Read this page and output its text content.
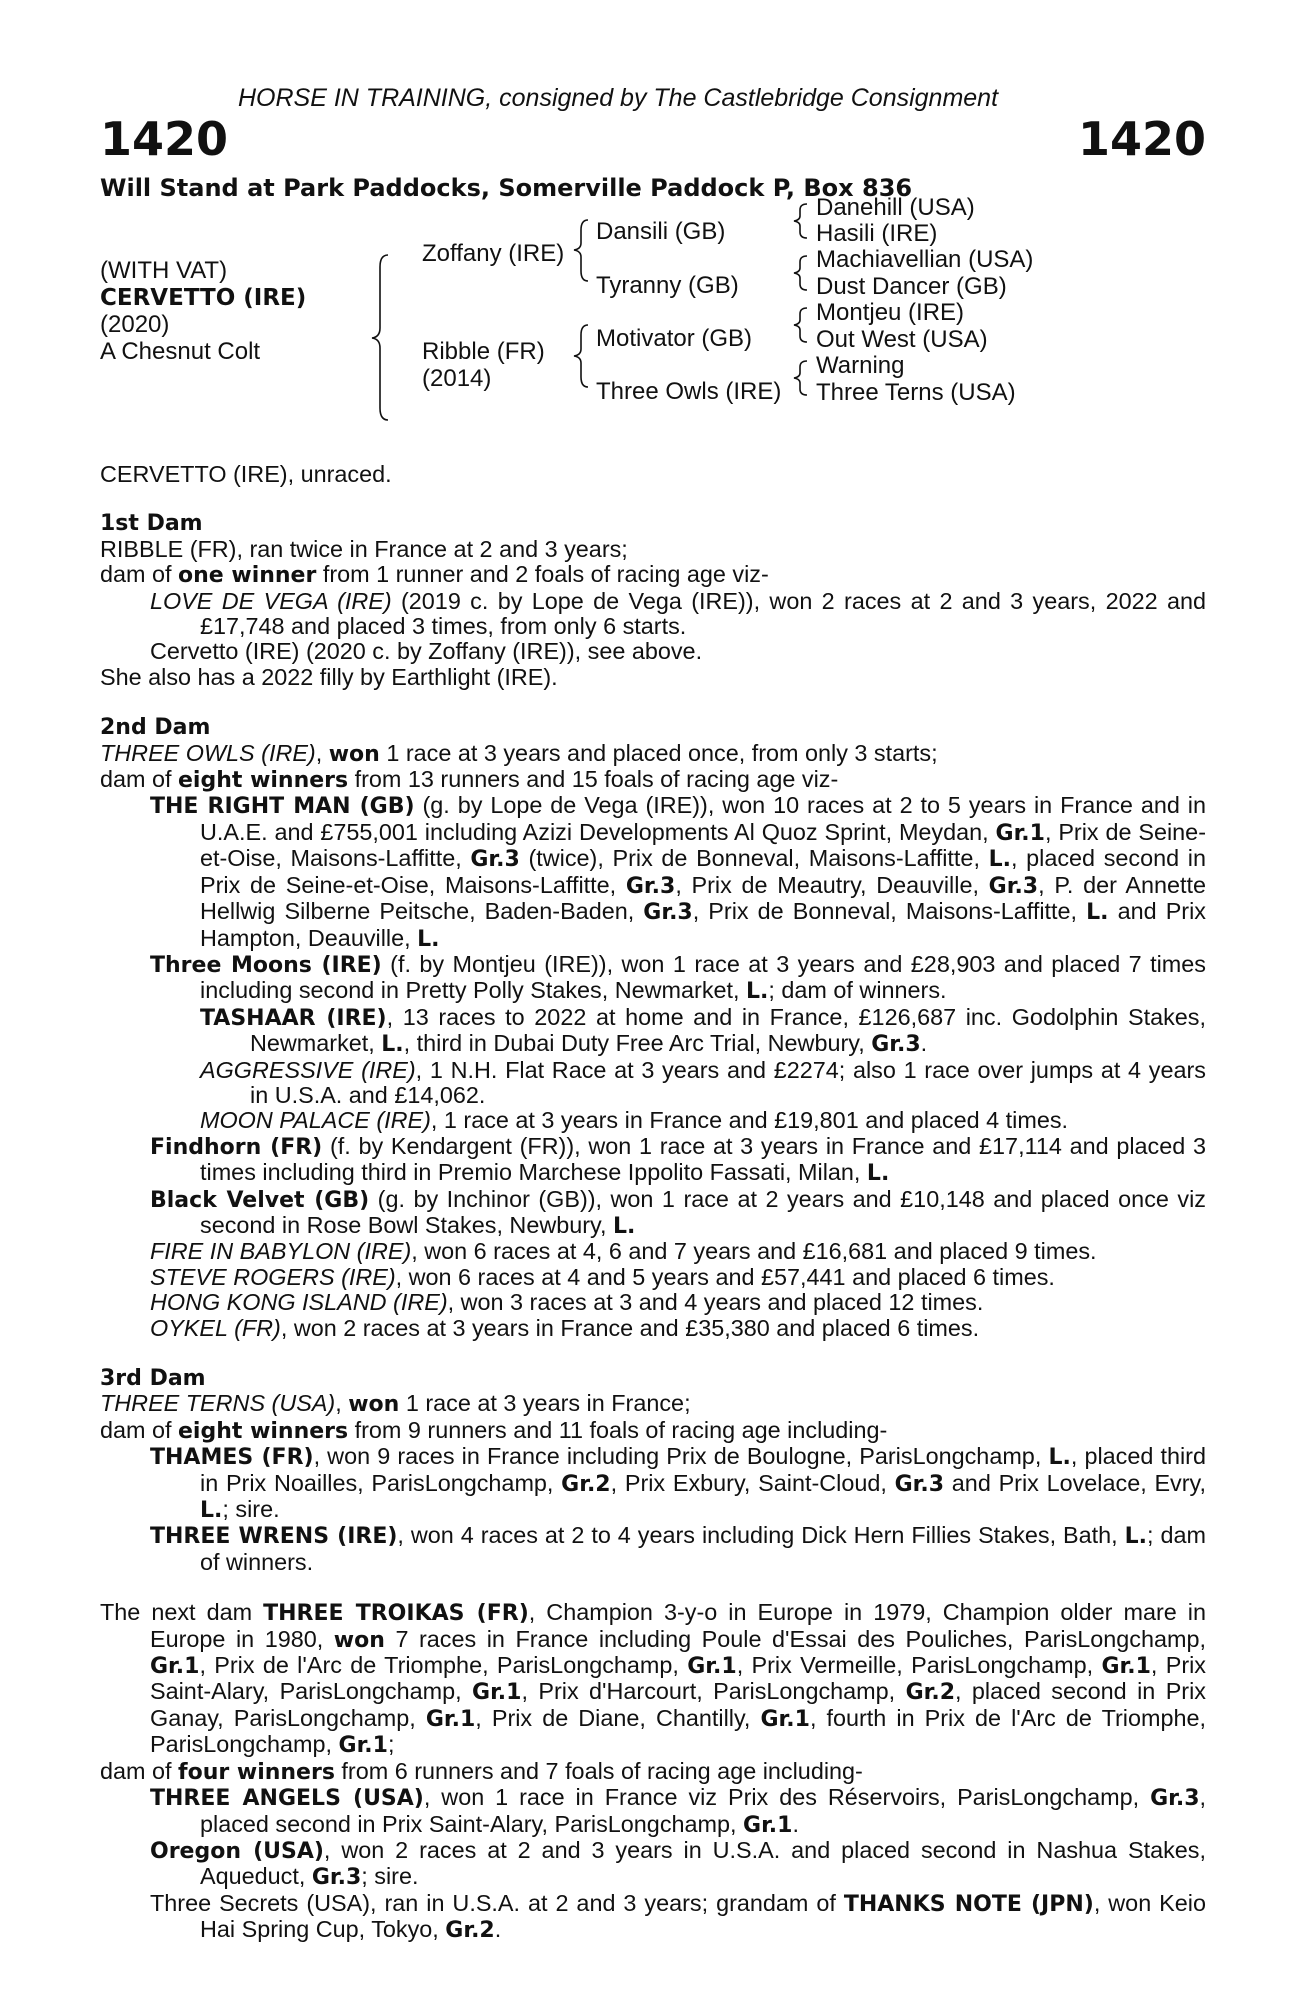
HORSE IN TRAINING, consigned by The Castlebridge Consignment
1420	1420
Will Stand at Park Paddocks, Somerville Paddock P, Box 836
(WITH VAT)
CERVETTO (IRE)
(2020)
A Chesnut Colt
Zoffany (IRE)
Ribble (FR)
(2014)
Dansili (GB)
Tyranny (GB)
Motivator (GB)
Three Owls (IRE)
Danehill (USA)
Hasili (IRE)
Machiavellian (USA)
Dust Dancer (GB)
Montjeu (IRE)
Out West (USA)
Warning
Three Terns (USA)

CERVETTO (IRE), unraced.

1st Dam

RIBBLE (FR), ran twice in France at 2 and 3 years;

dam of one winner from 1 runner and 2 foals of racing age viz-

LOVE DE VEGA (IRE) (2019 c. by Lope de Vega (IRE)), won 2 races at 2 and 3 years, 2022 and £17,748 and placed 3 times, from only 6 starts.

Cervetto (IRE) (2020 c. by Zoffany (IRE)), see above.

She also has a 2022 filly by Earthlight (IRE).

2nd Dam

THREE OWLS (IRE), won 1 race at 3 years and placed once, from only 3 starts;

dam of eight winners from 13 runners and 15 foals of racing age viz-

THE RIGHT MAN (GB) (g. by Lope de Vega (IRE)), won 10 races at 2 to 5 years in France and in U.A.E. and £755,001 including Azizi Developments Al Quoz Sprint, Meydan, Gr.1, Prix de Seine-et-Oise, Maisons-Laffitte, Gr.3 (twice), Prix de Bonneval, Maisons-Laffitte, L., placed second in Prix de Seine-et-Oise, Maisons-Laffitte, Gr.3, Prix de Meautry, Deauville, Gr.3, P. der Annette Hellwig Silberne Peitsche, Baden-Baden, Gr.3, Prix de Bonneval, Maisons-Laffitte, L. and Prix Hampton, Deauville, L.

Three Moons (IRE) (f. by Montjeu (IRE)), won 1 race at 3 years and £28,903 and placed 7 times including second in Pretty Polly Stakes, Newmarket, L.; dam of winners.

TASHAAR (IRE), 13 races to 2022 at home and in France, £126,687 inc. Godolphin Stakes, Newmarket, L., third in Dubai Duty Free Arc Trial, Newbury, Gr.3.

AGGRESSIVE (IRE), 1 N.H. Flat Race at 3 years and £2274; also 1 race over jumps at 4 years in U.S.A. and £14,062.

MOON PALACE (IRE), 1 race at 3 years in France and £19,801 and placed 4 times.

Findhorn (FR) (f. by Kendargent (FR)), won 1 race at 3 years in France and £17,114 and placed 3 times including third in Premio Marchese Ippolito Fassati, Milan, L.

Black Velvet (GB) (g. by Inchinor (GB)), won 1 race at 2 years and £10,148 and placed once viz second in Rose Bowl Stakes, Newbury, L.

FIRE IN BABYLON (IRE), won 6 races at 4, 6 and 7 years and £16,681 and placed 9 times.

STEVE ROGERS (IRE), won 6 races at 4 and 5 years and £57,441 and placed 6 times.

HONG KONG ISLAND (IRE), won 3 races at 3 and 4 years and placed 12 times.

OYKEL (FR), won 2 races at 3 years in France and £35,380 and placed 6 times.

3rd Dam

THREE TERNS (USA), won 1 race at 3 years in France;

dam of eight winners from 9 runners and 11 foals of racing age including-

THAMES (FR), won 9 races in France including Prix de Boulogne, ParisLongchamp, L., placed third in Prix Noailles, ParisLongchamp, Gr.2, Prix Exbury, Saint-Cloud, Gr.3 and Prix Lovelace, Evry, L.; sire.

THREE WRENS (IRE), won 4 races at 2 to 4 years including Dick Hern Fillies Stakes, Bath, L.; dam of winners.

The next dam THREE TROIKAS (FR), Champion 3-y-o in Europe in 1979, Champion older mare in Europe in 1980, won 7 races in France including Poule d'Essai des Pouliches, ParisLongchamp, Gr.1, Prix de l'Arc de Triomphe, ParisLongchamp, Gr.1, Prix Vermeille, ParisLongchamp, Gr.1, Prix Saint-Alary, ParisLongchamp, Gr.1, Prix d'Harcourt, ParisLongchamp, Gr.2, placed second in Prix Ganay, ParisLongchamp, Gr.1, Prix de Diane, Chantilly, Gr.1, fourth in Prix de l'Arc de Triomphe, ParisLongchamp, Gr.1;

dam of four winners from 6 runners and 7 foals of racing age including-

THREE ANGELS (USA), won 1 race in France viz Prix des Réservoirs, ParisLongchamp, Gr.3, placed second in Prix Saint-Alary, ParisLongchamp, Gr.1.

Oregon (USA), won 2 races at 2 and 3 years in U.S.A. and placed second in Nashua Stakes, Aqueduct, Gr.3; sire.

Three Secrets (USA), ran in U.S.A. at 2 and 3 years; grandam of THANKS NOTE (JPN), won Keio Hai Spring Cup, Tokyo, Gr.2.
